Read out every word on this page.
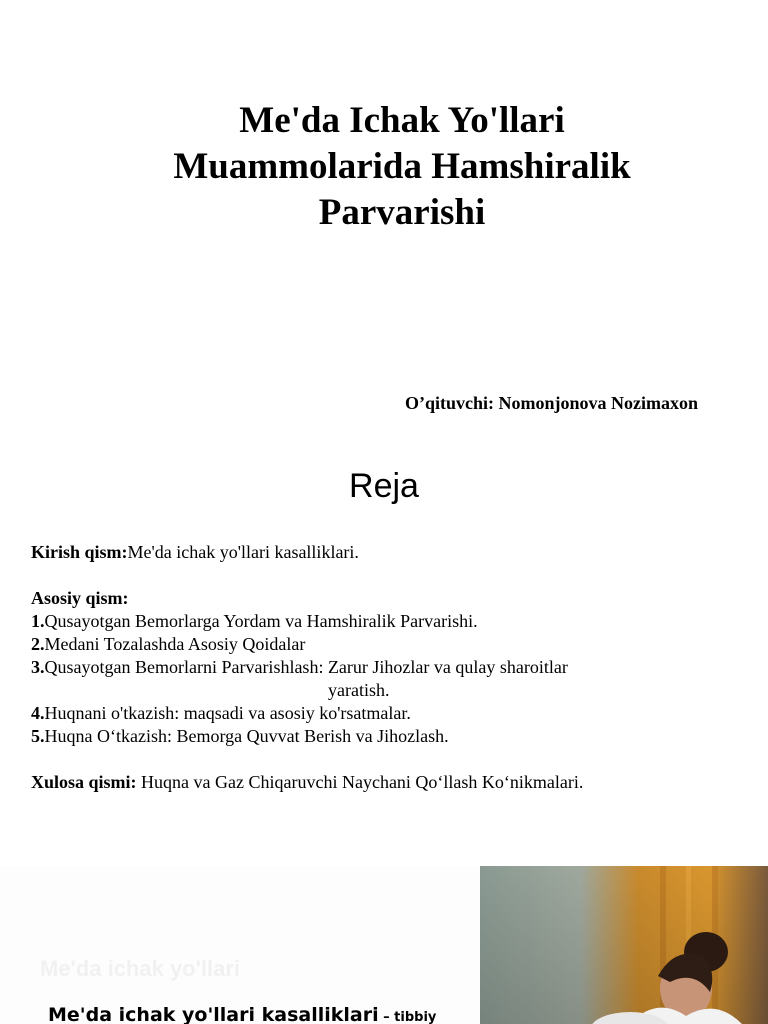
Me'da Ichak Yo'llari
Muammolarida Hamshiralik
Parvarishi
O’qituvchi: Nomonjonova Nozimaxon
Reja
Kirish qism:Me'da ichak yo'llari kasalliklari.
Asosiy qism:
1.Qusayotgan Bemorlarga Yordam va Hamshiralik Parvarishi.
2.Medani Tozalashda Asosiy Qoidalar
3.Qusayotgan Bemorlarni Parvarishlash: Zarur Jihozlar va qulay sharoitlar
yaratish.
4.Huqnani o'tkazish: maqsadi va asosiy ko'rsatmalar.
5.Huqna O‘tkazish: Bemorga Quvvat Berish va Jihozlash.
Xulosa qismi: Huqna va Gaz Chiqaruvchi Naychani Qo‘llash Ko‘nikmalari.
Me'da ichak yo'llari
Me'da ichak yo'llari kasalliklari – tibbiy
